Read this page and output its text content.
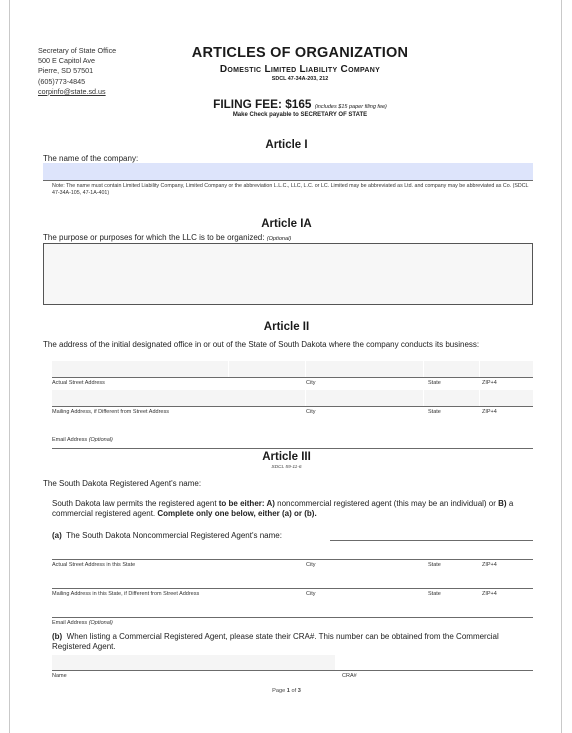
Secretary of State Office
500 E Capitol Ave
Pierre, SD 57501
(605)773-4845
corpinfo@state.sd.us
ARTICLES OF ORGANIZATION
Domestic Limited Liability Company
SDCL 47-34A-203, 212
FILING FEE: $165 (includes $15 paper filing fee)
Make Check payable to SECRETARY OF STATE
Article I
The name of the company:
Note: The name must contain Limited Liability Company, Limited Company or the abbreviation L.L.C., LLC, L.C. or LC. Limited may be abbreviated as Ltd. and company may be abbreviated as Co. (SDCL 47-34A-105, 47-1A-401)
Article IA
The purpose or purposes for which the LLC is to be organized: (Optional)
Article II
The address of the initial designated office in or out of the State of South Dakota where the company conducts its business:
Actual Street Address	City	State	ZIP+4
Mailing Address, if Different from Street Address	City	State	ZIP+4
Email Address (Optional)
Article III
SDCL 59-11-6
The South Dakota Registered Agent's name:
South Dakota law permits the registered agent to be either: A) noncommercial registered agent (this may be an individual) or B) a commercial registered agent. Complete only one below, either (a) or (b).
(a) The South Dakota Noncommercial Registered Agent's name:
Actual Street Address in this State	City	State	ZIP+4
Mailing Address in this State, if Different from Street Address	City	State	ZIP+4
Email Address (Optional)
(b) When listing a Commercial Registered Agent, please state their CRA#. This number can be obtained from the Commercial Registered Agent.
Name	CRA#
Page 1 of 3
